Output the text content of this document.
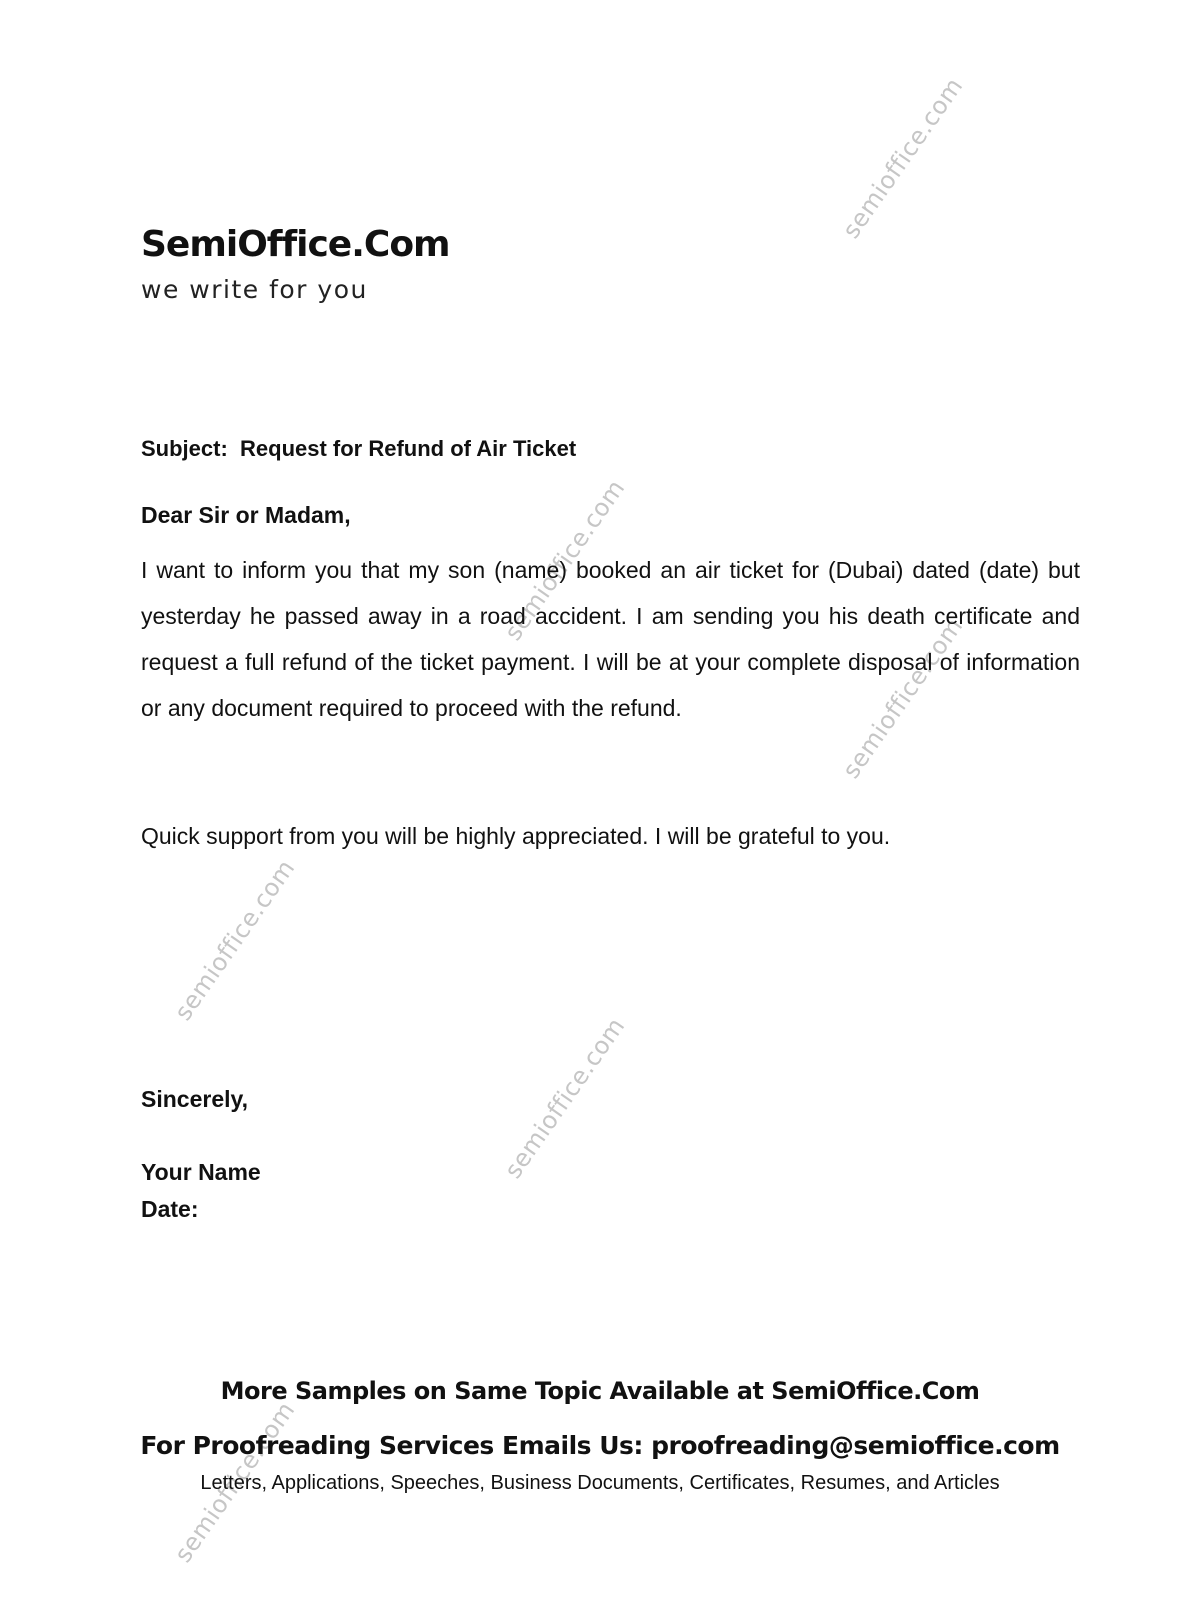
semioffice.com
semioffice.com
semioffice.com
semioffice.com
semioffice.com
semioffice.com
SemiOffice.Com
we write for you
Subject:  Request for Refund of Air Ticket
Dear Sir or Madam,

I want to inform you that my son (name) booked an air ticket for (Dubai) dated (date) but yesterday he passed away in a road accident. I am sending you his death certificate and request a full refund of the ticket payment. I will be at your complete disposal of information or any document required to proceed with the refund.

Quick support from you will be highly appreciated. I will be grateful to you.

Sincerely,
Your Name
Date:
More Samples on Same Topic Available at SemiOffice.Com
For Proofreading Services Emails Us: proofreading@semioffice.com
Letters, Applications, Speeches, Business Documents, Certificates, Resumes, and Articles
